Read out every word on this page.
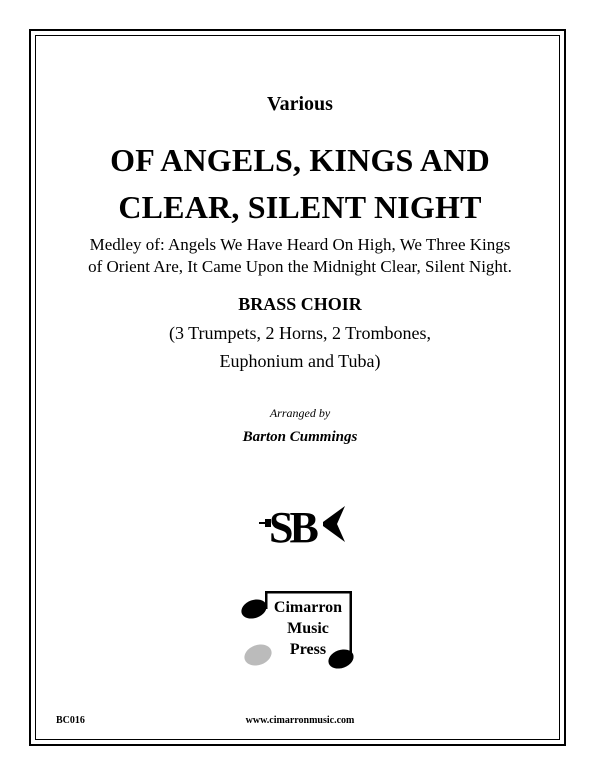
Various
OF ANGELS, KINGS AND
CLEAR, SILENT NIGHT
Medley of: Angels We Have Heard On High, We Three Kings
of Orient Are, It Came Upon the Midnight Clear, Silent Night.
BRASS CHOIR
(3 Trumpets, 2 Horns, 2 Trombones,
Euphonium and Tuba)
Arranged by
Barton Cummings
SB
Cimarron
Music
Press
BC016	www.cimarronmusic.com
